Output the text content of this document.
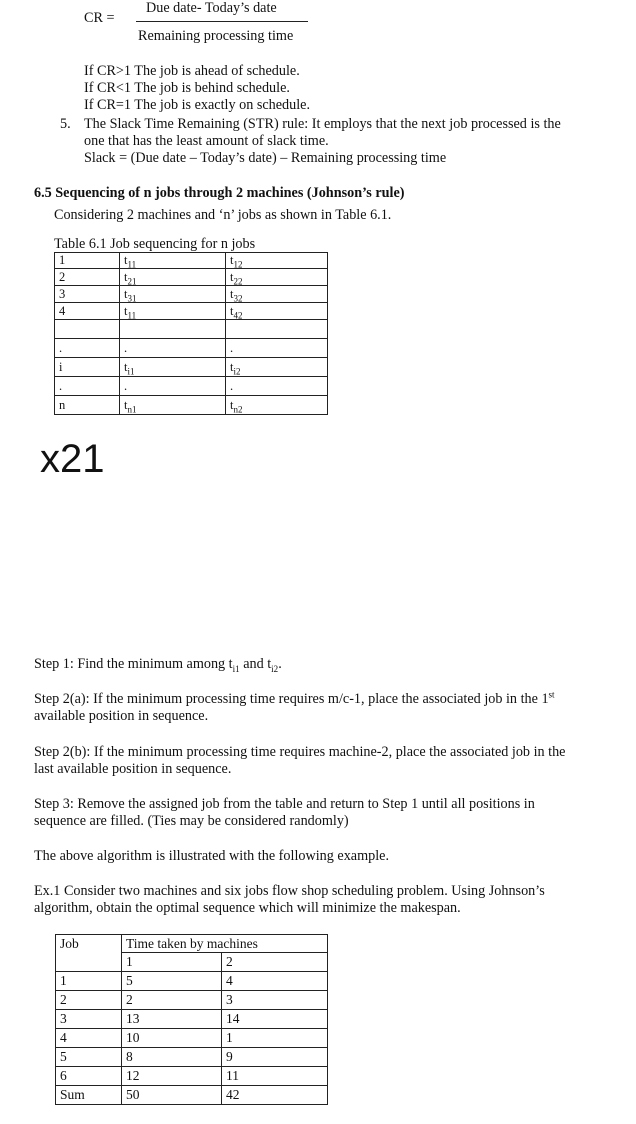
CR =
Due date- Today’s date
Remaining processing time
If CR>1 The job is ahead of schedule.
If CR<1 The job is behind schedule.
If CR=1 The job is exactly on schedule.
5. The Slack Time Remaining (STR) rule: It employs that the next job processed is the
one that has the least amount of slack time.
Slack = (Due date – Today’s date) – Remaining processing time
6.5 Sequencing of n jobs through 2 machines (Johnson’s rule)
Considering 2 machines and ‘n’ jobs as shown in Table 6.1.
Table 6.1 Job sequencing for n jobs
1	$t_{11}$	$t_{12}$
2	$t_{21}$	$t_{22}$
3	$t_{31}$	$t_{32}$
4	$t_{11}$	$t_{42}$

.	.	.
i	$t_{i1}$	$t_{i2}$
.	.	.
n	$t_{n1}$	$t_{n2}$
x21
Step 1: Find the minimum among $t_{i1}$ and $t_{i2}$.
Step 2(a): If the minimum processing time requires m/c-1, place the associated job in the 1st
available position in sequence.
Step 2(b): If the minimum processing time requires machine-2, place the associated job in the
last available position in sequence.
Step 3: Remove the assigned job from the table and return to Step 1 until all positions in
sequence are filled. (Ties may be considered randomly)
The above algorithm is illustrated with the following example.
Ex.1 Consider two machines and six jobs flow shop scheduling problem. Using Johnson’s
algorithm, obtain the optimal sequence which will minimize the makespan.
Job	Time taken by machines	
	1	2
1	5	4
2	2	3
3	13	14
4	10	1
5	8	9
6	12	11
Sum	50	42
